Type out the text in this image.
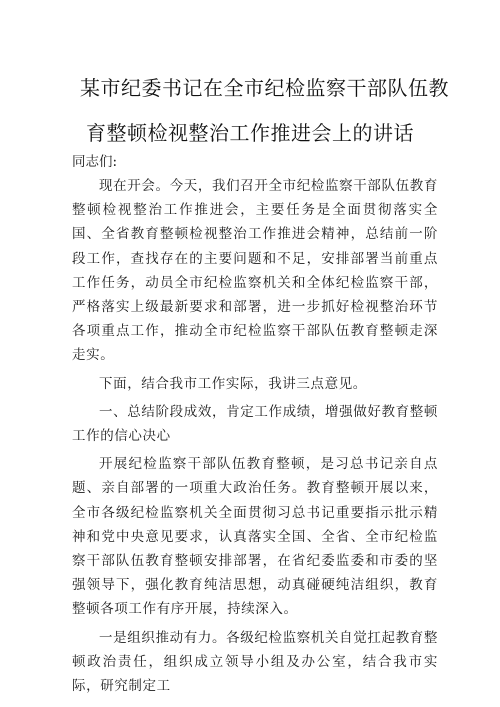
某市纪委书记在全市纪检监察干部队伍教
育整顿检视整治工作推进会上的讲话
同志们:

现在开会。今天，我们召开全市纪检监察干部队伍教育整顿检视整治工作推进会，主要任务是全面贯彻落实全国、全省教育整顿检视整治工作推进会精神，总结前一阶段工作，查找存在的主要问题和不足，安排部署当前重点工作任务，动员全市纪检监察机关和全体纪检监察干部，严格落实上级最新要求和部署，进一步抓好检视整治环节各项重点工作，推动全市纪检监察干部队伍教育整顿走深走实。

下面，结合我市工作实际，我讲三点意见。

一、总结阶段成效，肯定工作成绩，增强做好教育整顿工作的信心决心

开展纪检监察干部队伍教育整顿，是习总书记亲自点题、亲自部署的一项重大政治任务。教育整顿开展以来，全市各级纪检监察机关全面贯彻习总书记重要指示批示精神和党中央意见要求，认真落实全国、全省、全市纪检监察干部队伍教育整顿安排部署，在省纪委监委和市委的坚强领导下，强化教育纯洁思想，动真碰硬纯洁组织，教育整顿各项工作有序开展，持续深入。

一是组织推动有力。各级纪检监察机关自觉扛起教育整顿政治责任，组织成立领导小组及办公室，结合我市实际，研究制定工
